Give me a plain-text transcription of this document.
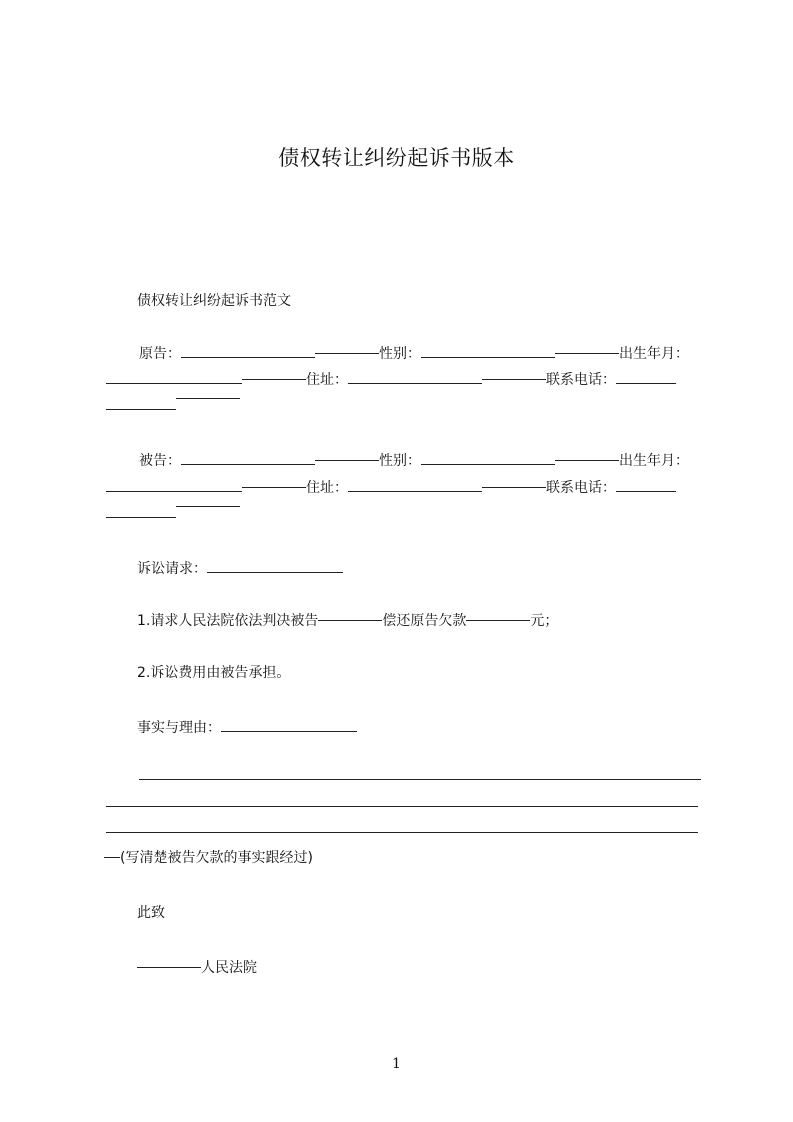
债权转让纠纷起诉书版本
债权转让纠纷起诉书范文
原告：	性别：	出生年月：
住址：	联系电话：
被告：	性别：	出生年月：
住址：	联系电话：
诉讼请求：
1.请求人民法院依法判决被告	偿还原告欠款	元；
2.诉讼费用由被告承担。
事实与理由：
(写清楚被告欠款的事实跟经过)
此致
人民法院
1
